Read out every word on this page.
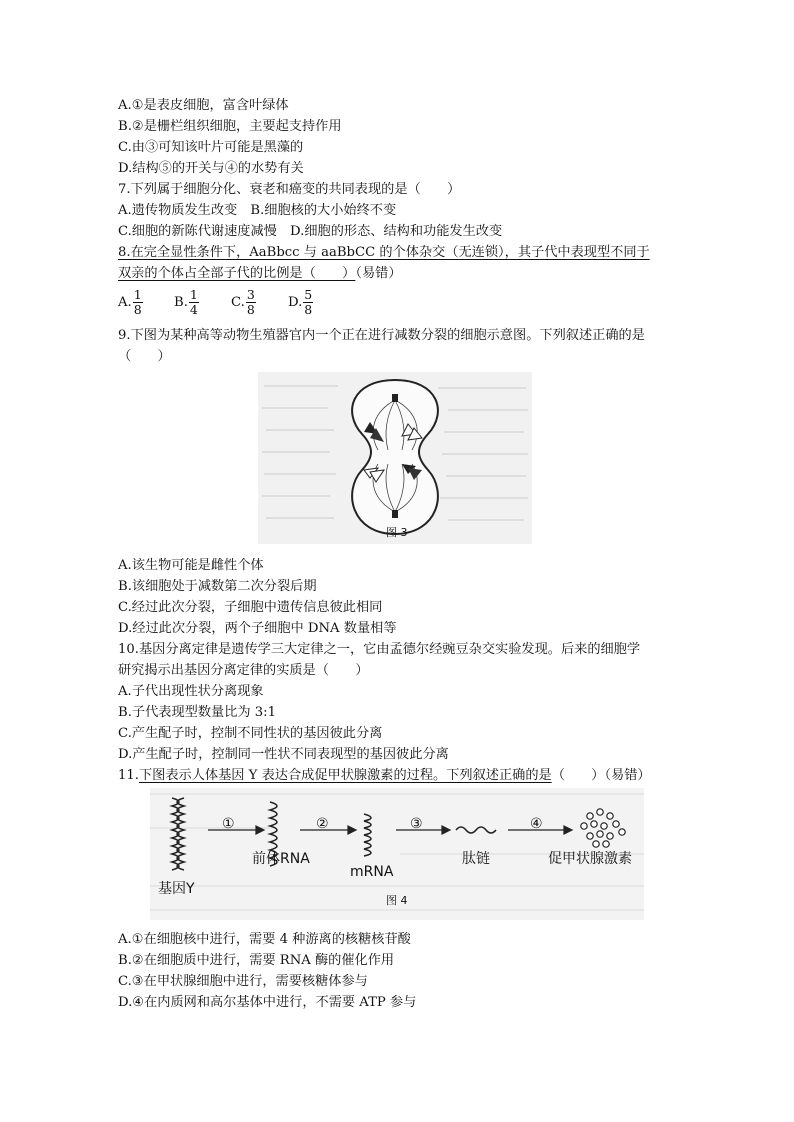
A.①是表皮细胞，富含叶绿体
B.②是栅栏组织细胞，主要起支持作用
C.由③可知该叶片可能是黑藻的
D.结构⑤的开关与④的水势有关
7.下列属于细胞分化、衰老和癌变的共同表现的是（　　）
A.遗传物质发生改变　B.细胞核的大小始终不变
C.细胞的新陈代谢速度减慢　D.细胞的形态、结构和功能发生改变
8.在完全显性条件下，AaBbcc 与 aaBbCC 的个体杂交（无连锁），其子代中表现型不同于
双亲的个体占全部子代的比例是（　　）（易错）
A. $\frac{1}{8} B$. $\frac{1}{4} C$. $\frac{3}{8} D$. $\frac{5}{8}$
9.下图为某种高等动物生殖器官内一个正在进行减数分裂的细胞示意图。下列叙述正确的是
（　　）
图 3
A.该生物可能是雌性个体
B.该细胞处于减数第二次分裂后期
C.经过此次分裂，子细胞中遗传信息彼此相同
D.经过此次分裂，两个子细胞中 DNA 数量相等
10.基因分离定律是遗传学三大定律之一，它由孟德尔经豌豆杂交实验发现。后来的细胞学
研究揭示出基因分离定律的实质是（　　）
A.子代出现性状分离现象
B.子代表现型数量比为 3:1
C.产生配子时，控制不同性状的基因彼此分离
D.产生配子时，控制同一性状不同表现型的基因彼此分离
11.下图表示人体基因 Y 表达合成促甲状腺激素的过程。下列叙述正确的是（　　）（易错）
①	②	③	④
基因Y
前体RNA
mRNA
肽链	促甲状腺激素
图 4
A.①在细胞核中进行，需要 4 种游离的核糖核苷酸
B.②在细胞质中进行，需要 RNA 酶的催化作用
C.③在甲状腺细胞中进行，需要核糖体参与
D.④在内质网和高尔基体中进行，不需要 ATP 参与
